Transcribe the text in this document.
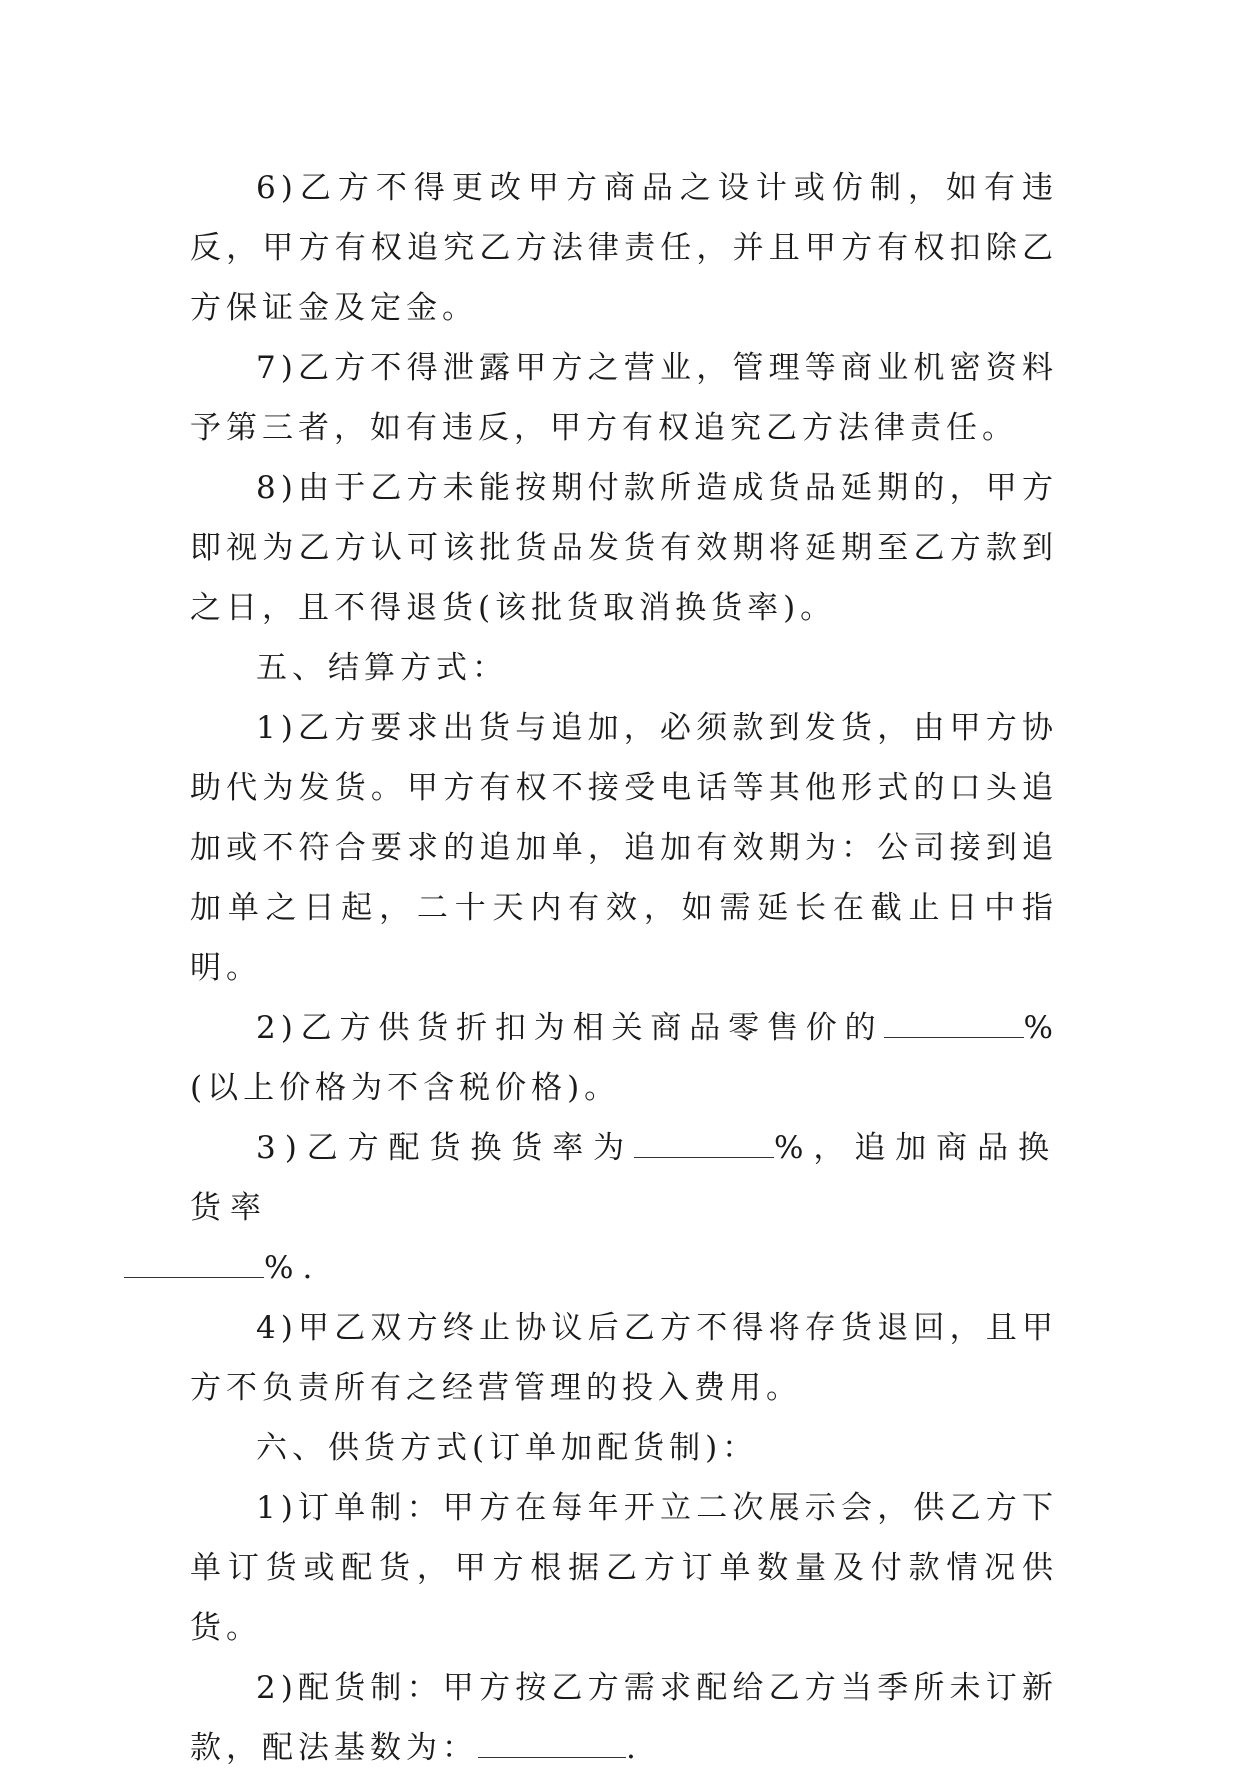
6)乙方不得更改甲方商品之设计或仿制，如有违反，甲方有权追究乙方法律责任，并且甲方有权扣除乙方保证金及定金。

7)乙方不得泄露甲方之营业，管理等商业机密资料予第三者，如有违反，甲方有权追究乙方法律责任。

8)由于乙方未能按期付款所造成货品延期的，甲方即视为乙方认可该批货品发货有效期将延期至乙方款到之日，且不得退货(该批货取消换货率)。

五、结算方式：

1)乙方要求出货与追加，必须款到发货，由甲方协助代为发货。甲方有权不接受电话等其他形式的口头追加或不符合要求的追加单，追加有效期为：公司接到追加单之日起，二十天内有效，如需延长在截止日中指明。

2)乙方供货折扣为相关商品零售价的	%(以上价格为不含税价格)。

3)乙方配货换货率为	%，追加商品换货率
%.

4)甲乙双方终止协议后乙方不得将存货退回，且甲方不负责所有之经营管理的投入费用。

六、供货方式(订单加配货制)：

1)订单制：甲方在每年开立二次展示会，供乙方下单订货或配货，甲方根据乙方订单数量及付款情况供货。

2)配货制：甲方按乙方需求配给乙方当季所未订新款，配法基数为：	.
